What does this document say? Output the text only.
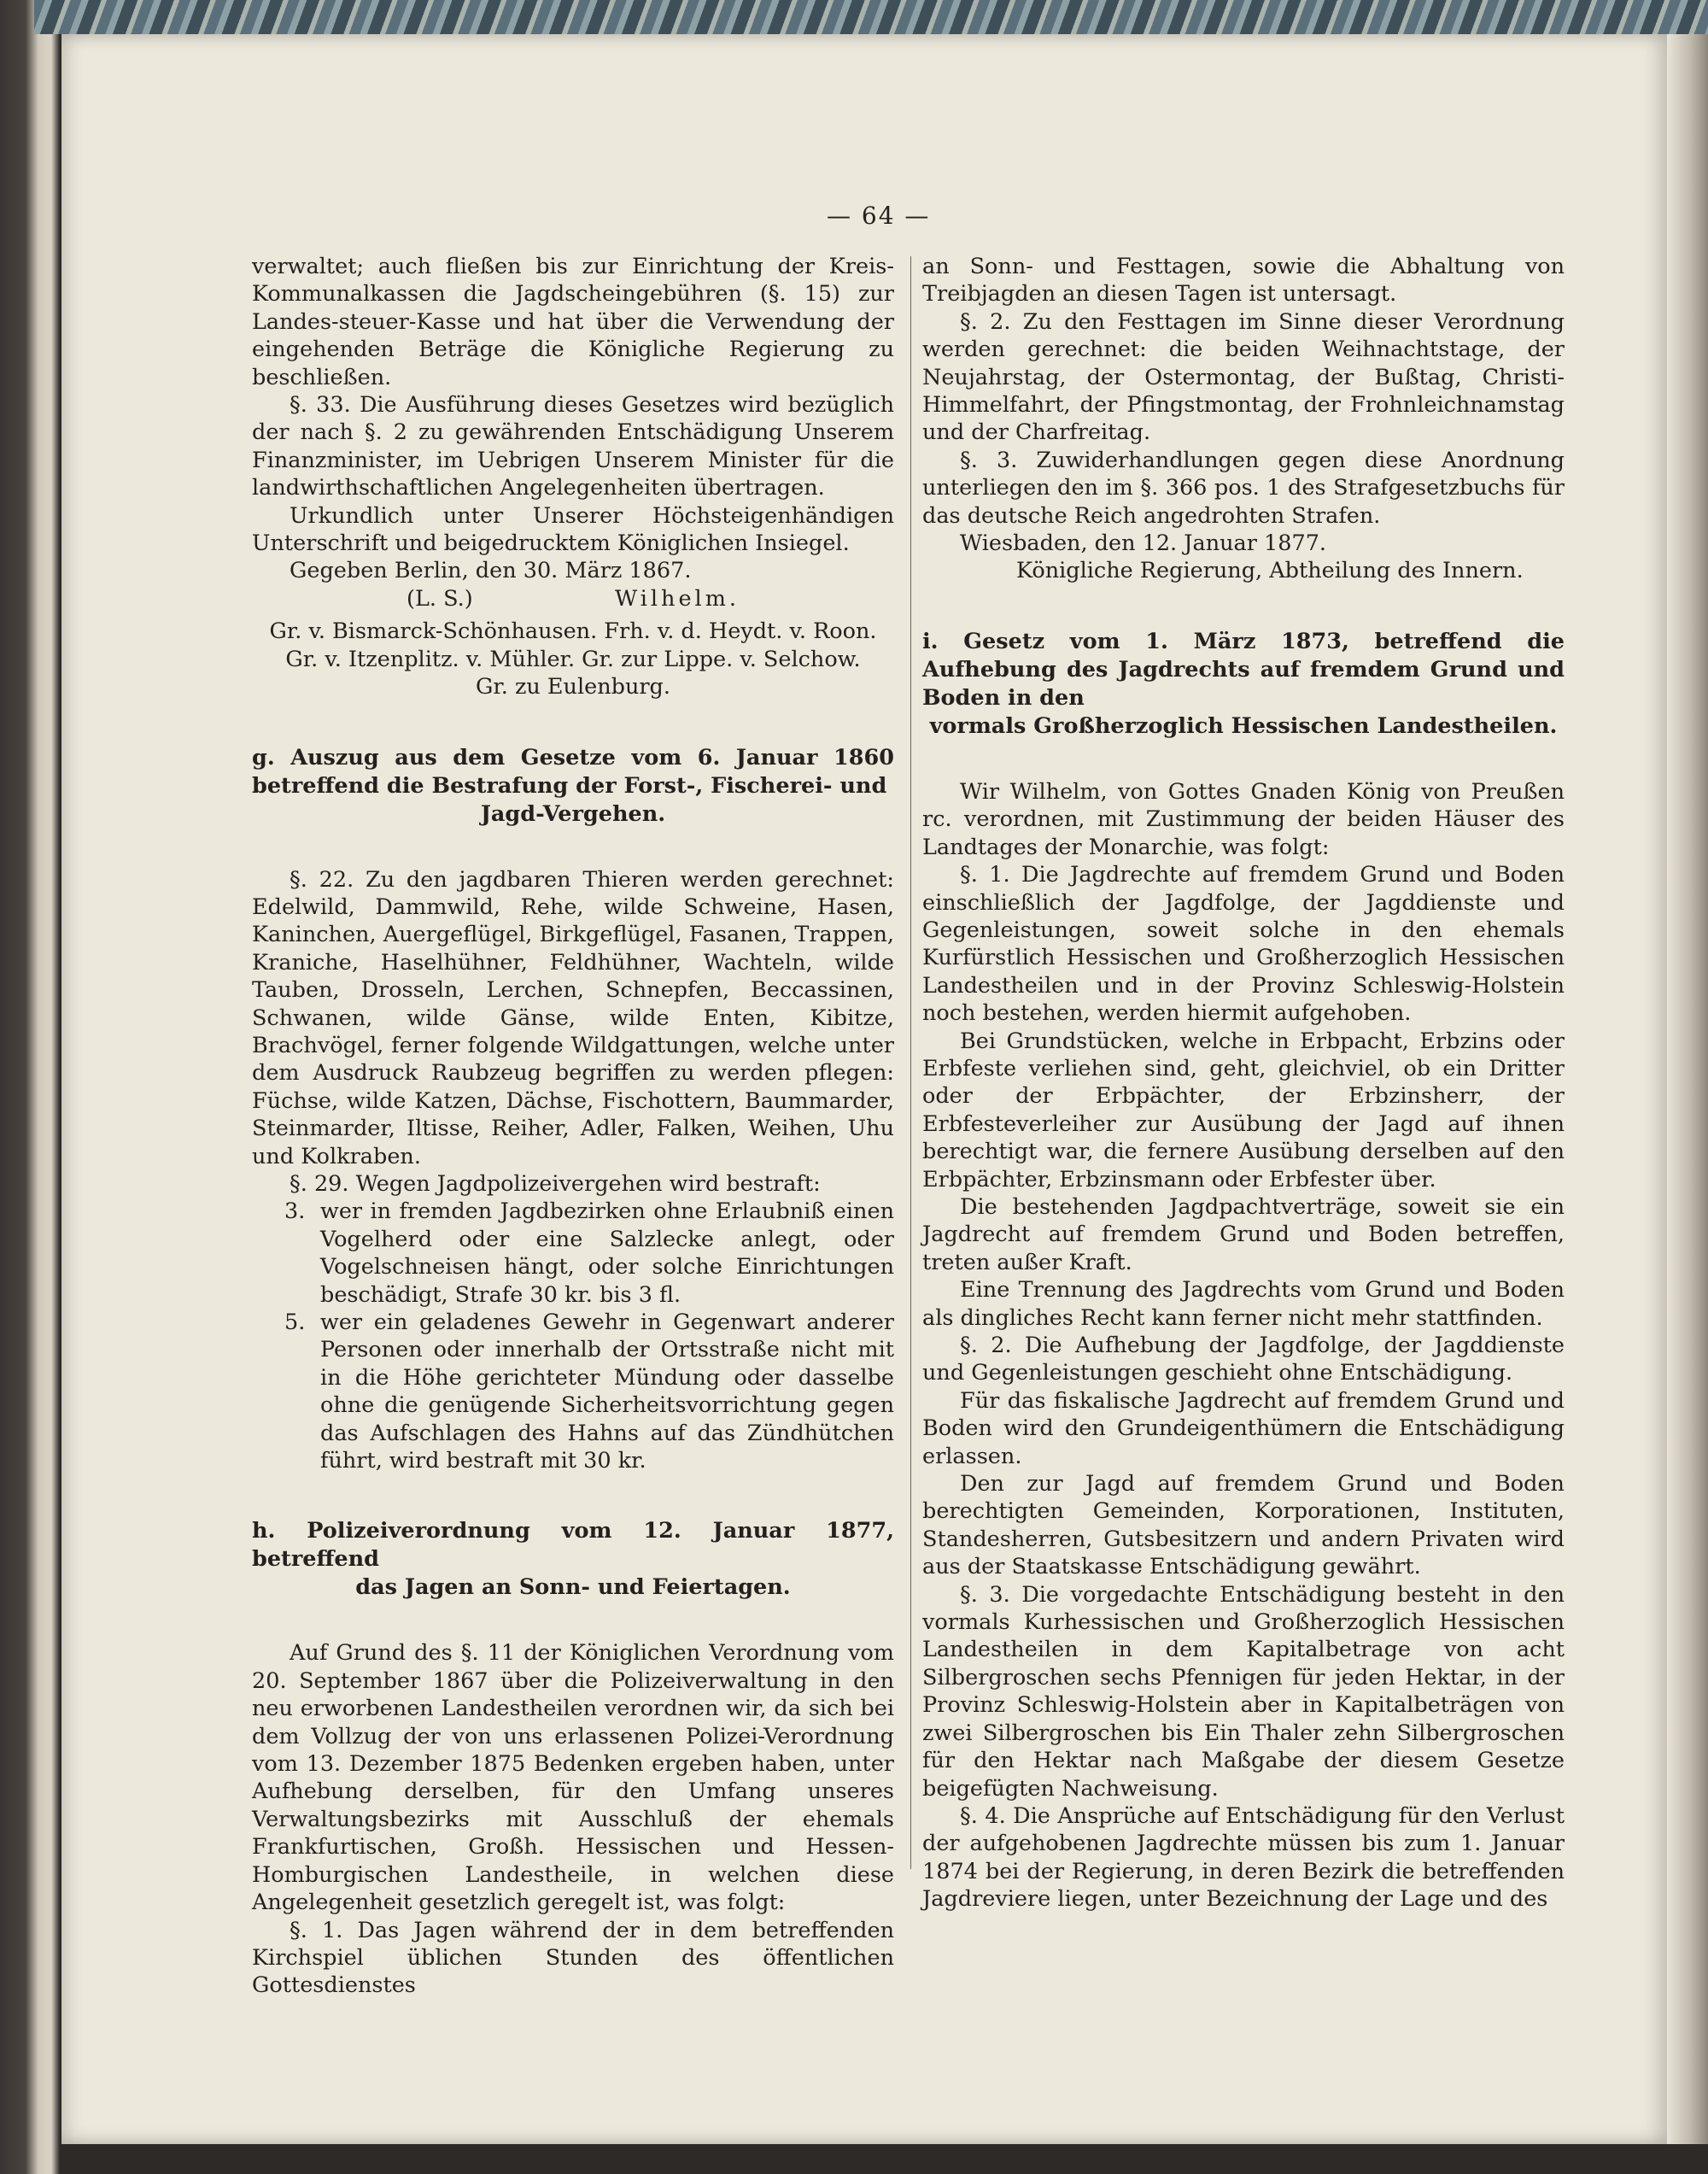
— 64 —

verwaltet; auch fließen bis zur Einrichtung der Kreis-Kommunalkassen die Jagdscheingebühren (§. 15) zur Landes-steuer-Kasse und hat über die Verwendung der eingehenden Beträge die Königliche Regierung zu beschließen.

§. 33. Die Ausführung dieses Gesetzes wird bezüglich der nach §. 2 zu gewährenden Entschädigung Unserem Finanzminister, im Uebrigen Unserem Minister für die landwirthschaftlichen Angelegenheiten übertragen.

Urkundlich unter Unserer Höchsteigenhändigen Unterschrift und beigedrucktem Königlichen Insiegel.

Gegeben Berlin, den 30. März 1867.

(L. S.)	Wilhelm.
Gr. v. Bismarck-Schönhausen. Frh. v. d. Heydt. v. Roon.
Gr. v. Itzenplitz. v. Mühler. Gr. zur Lippe. v. Selchow.
Gr. zu Eulenburg.
g. Auszug aus dem Gesetze vom 6. Januar 1860 betreffend die Bestrafung der Forst-, Fischerei- und
Jagd-Vergehen.

§. 22. Zu den jagdbaren Thieren werden gerechnet: Edelwild, Dammwild, Rehe, wilde Schweine, Hasen, Kaninchen, Auergeflügel, Birkgeflügel, Fasanen, Trappen, Kraniche, Haselhühner, Feldhühner, Wachteln, wilde Tauben, Drosseln, Lerchen, Schnepfen, Beccassinen, Schwanen, wilde Gänse, wilde Enten, Kibitze, Brachvögel, ferner folgende Wildgattungen, welche unter dem Ausdruck Raubzeug begriffen zu werden pflegen: Füchse, wilde Katzen, Dächse, Fischottern, Baummarder, Steinmarder, Iltisse, Reiher, Adler, Falken, Weihen, Uhu und Kolkraben.

§. 29. Wegen Jagdpolizeivergehen wird bestraft:

3. wer in fremden Jagdbezirken ohne Erlaubniß einen Vogelherd oder eine Salzlecke anlegt, oder Vogelschneisen hängt, oder solche Einrichtungen beschädigt, Strafe 30 kr. bis 3 fl.

5. wer ein geladenes Gewehr in Gegenwart anderer Personen oder innerhalb der Ortsstraße nicht mit in die Höhe gerichteter Mündung oder dasselbe ohne die genügende Sicherheitsvorrichtung gegen das Aufschlagen des Hahns auf das Zündhütchen führt, wird bestraft mit 30 kr.

h. Polizeiverordnung vom 12. Januar 1877, betreffend
das Jagen an Sonn- und Feiertagen.

Auf Grund des §. 11 der Königlichen Verordnung vom 20. September 1867 über die Polizeiverwaltung in den neu erworbenen Landestheilen verordnen wir, da sich bei dem Vollzug der von uns erlassenen Polizei-Verordnung vom 13. Dezember 1875 Bedenken ergeben haben, unter Aufhebung derselben, für den Umfang unseres Verwaltungsbezirks mit Ausschluß der ehemals Frankfurtischen, Großh. Hessischen und Hessen-Homburgischen Landestheile, in welchen diese Angelegenheit gesetzlich geregelt ist, was folgt:

§. 1. Das Jagen während der in dem betreffenden Kirchspiel üblichen Stunden des öffentlichen Gottesdienstes

an Sonn- und Festtagen, sowie die Abhaltung von Treibjagden an diesen Tagen ist untersagt.

§. 2. Zu den Festtagen im Sinne dieser Verordnung werden gerechnet: die beiden Weihnachtstage, der Neujahrstag, der Ostermontag, der Bußtag, Christi-Himmelfahrt, der Pfingstmontag, der Frohnleichnamstag und der Charfreitag.

§. 3. Zuwiderhandlungen gegen diese Anordnung unterliegen den im §. 366 pos. 1 des Strafgesetzbuchs für das deutsche Reich angedrohten Strafen.

Wiesbaden, den 12. Januar 1877.

Königliche Regierung, Abtheilung des Innern.

i. Gesetz vom 1. März 1873, betreffend die Aufhebung des Jagdrechts auf fremdem Grund und Boden in den
vormals Großherzoglich Hessischen Landestheilen.

Wir Wilhelm, von Gottes Gnaden König von Preußen rc. verordnen, mit Zustimmung der beiden Häuser des Landtages der Monarchie, was folgt:

§. 1. Die Jagdrechte auf fremdem Grund und Boden einschließlich der Jagdfolge, der Jagddienste und Gegenleistungen, soweit solche in den ehemals Kurfürstlich Hessischen und Großherzoglich Hessischen Landestheilen und in der Provinz Schleswig-Holstein noch bestehen, werden hiermit aufgehoben.

Bei Grundstücken, welche in Erbpacht, Erbzins oder Erbfeste verliehen sind, geht, gleichviel, ob ein Dritter oder der Erbpächter, der Erbzinsherr, der Erbfesteverleiher zur Ausübung der Jagd auf ihnen berechtigt war, die fernere Ausübung derselben auf den Erbpächter, Erbzinsmann oder Erbfester über.

Die bestehenden Jagdpachtverträge, soweit sie ein Jagdrecht auf fremdem Grund und Boden betreffen, treten außer Kraft.

Eine Trennung des Jagdrechts vom Grund und Boden als dingliches Recht kann ferner nicht mehr stattfinden.

§. 2. Die Aufhebung der Jagdfolge, der Jagddienste und Gegenleistungen geschieht ohne Entschädigung.

Für das fiskalische Jagdrecht auf fremdem Grund und Boden wird den Grundeigenthümern die Entschädigung erlassen.

Den zur Jagd auf fremdem Grund und Boden berechtigten Gemeinden, Korporationen, Instituten, Standesherren, Gutsbesitzern und andern Privaten wird aus der Staatskasse Entschädigung gewährt.

§. 3. Die vorgedachte Entschädigung besteht in den vormals Kurhessischen und Großherzoglich Hessischen Landestheilen in dem Kapitalbetrage von acht Silbergroschen sechs Pfennigen für jeden Hektar, in der Provinz Schleswig-Holstein aber in Kapitalbeträgen von zwei Silbergroschen bis Ein Thaler zehn Silbergroschen für den Hektar nach Maßgabe der diesem Gesetze beigefügten Nachweisung.

§. 4. Die Ansprüche auf Entschädigung für den Verlust der aufgehobenen Jagdrechte müssen bis zum 1. Januar 1874 bei der Regierung, in deren Bezirk die betreffenden Jagdreviere liegen, unter Bezeichnung der Lage und des
